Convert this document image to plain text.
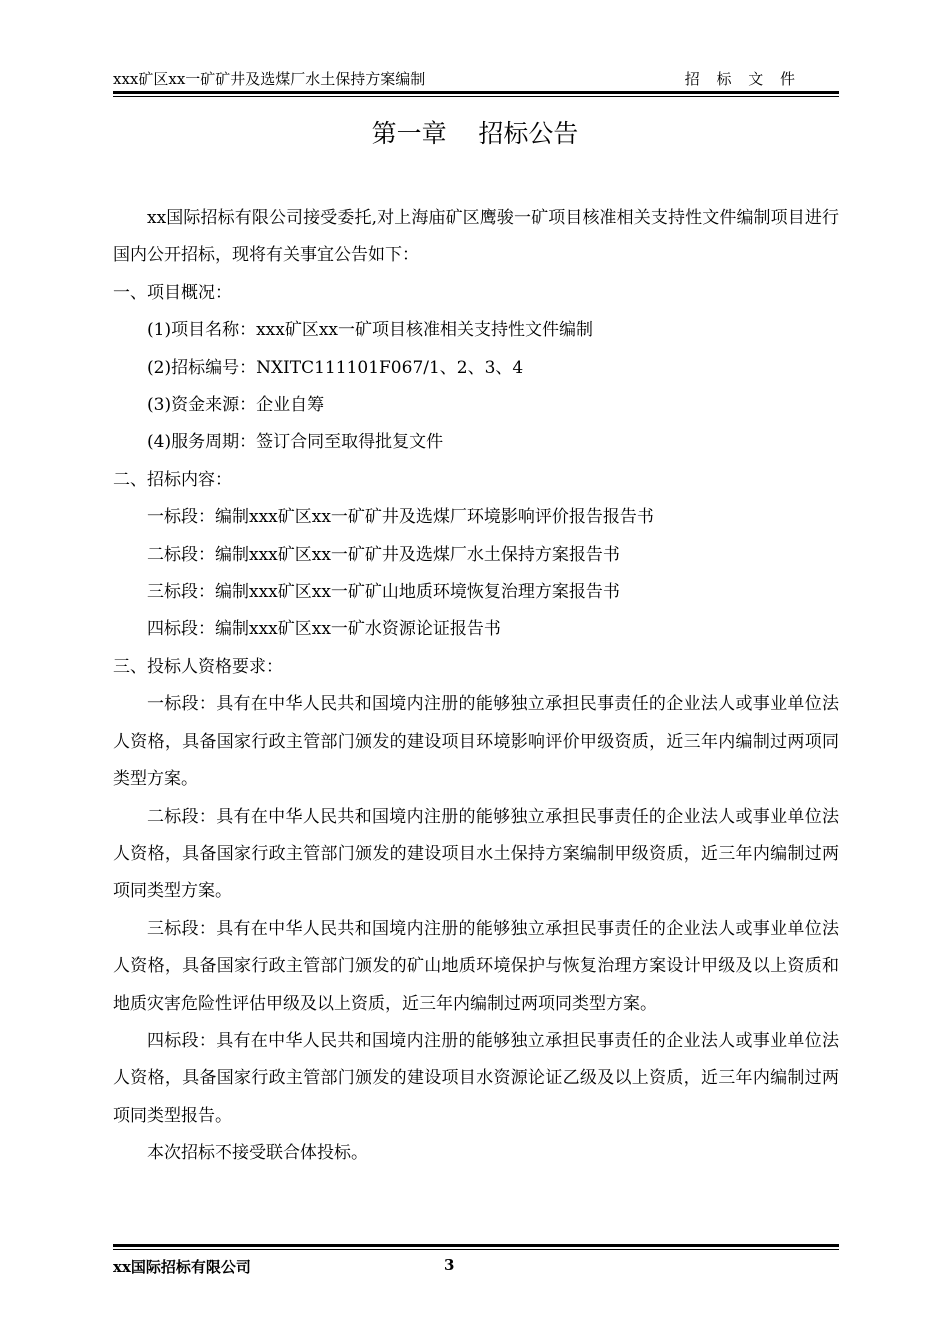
xxx矿区xx一矿矿井及选煤厂水土保持方案编制	招 标 文 件
第一章    招标公告

xx国际招标有限公司接受委托,对上海庙矿区鹰骏一矿项目核准相关支持性文件编制项目进行国内公开招标，现将有关事宜公告如下：

一、项目概况：

(1)项目名称：xxx矿区xx一矿项目核准相关支持性文件编制

(2)招标编号：NXITC111101F067/1、2、3、4

(3)资金来源：企业自筹

(4)服务周期：签订合同至取得批复文件

二、招标内容：

一标段：编制xxx矿区xx一矿矿井及选煤厂环境影响评价报告报告书

二标段：编制xxx矿区xx一矿矿井及选煤厂水土保持方案报告书

三标段：编制xxx矿区xx一矿矿山地质环境恢复治理方案报告书

四标段：编制xxx矿区xx一矿水资源论证报告书

三、投标人资格要求：

一标段：具有在中华人民共和国境内注册的能够独立承担民事责任的企业法人或事业单位法人资格，具备国家行政主管部门颁发的建设项目环境影响评价甲级资质，近三年内编制过两项同类型方案。

二标段：具有在中华人民共和国境内注册的能够独立承担民事责任的企业法人或事业单位法人资格，具备国家行政主管部门颁发的建设项目水土保持方案编制甲级资质，近三年内编制过两项同类型方案。

三标段：具有在中华人民共和国境内注册的能够独立承担民事责任的企业法人或事业单位法人资格，具备国家行政主管部门颁发的矿山地质环境保护与恢复治理方案设计甲级及以上资质和地质灾害危险性评估甲级及以上资质，近三年内编制过两项同类型方案。

四标段：具有在中华人民共和国境内注册的能够独立承担民事责任的企业法人或事业单位法人资格，具备国家行政主管部门颁发的建设项目水资源论证乙级及以上资质，近三年内编制过两项同类型报告。

本次招标不接受联合体投标。

xx国际招标有限公司	3
